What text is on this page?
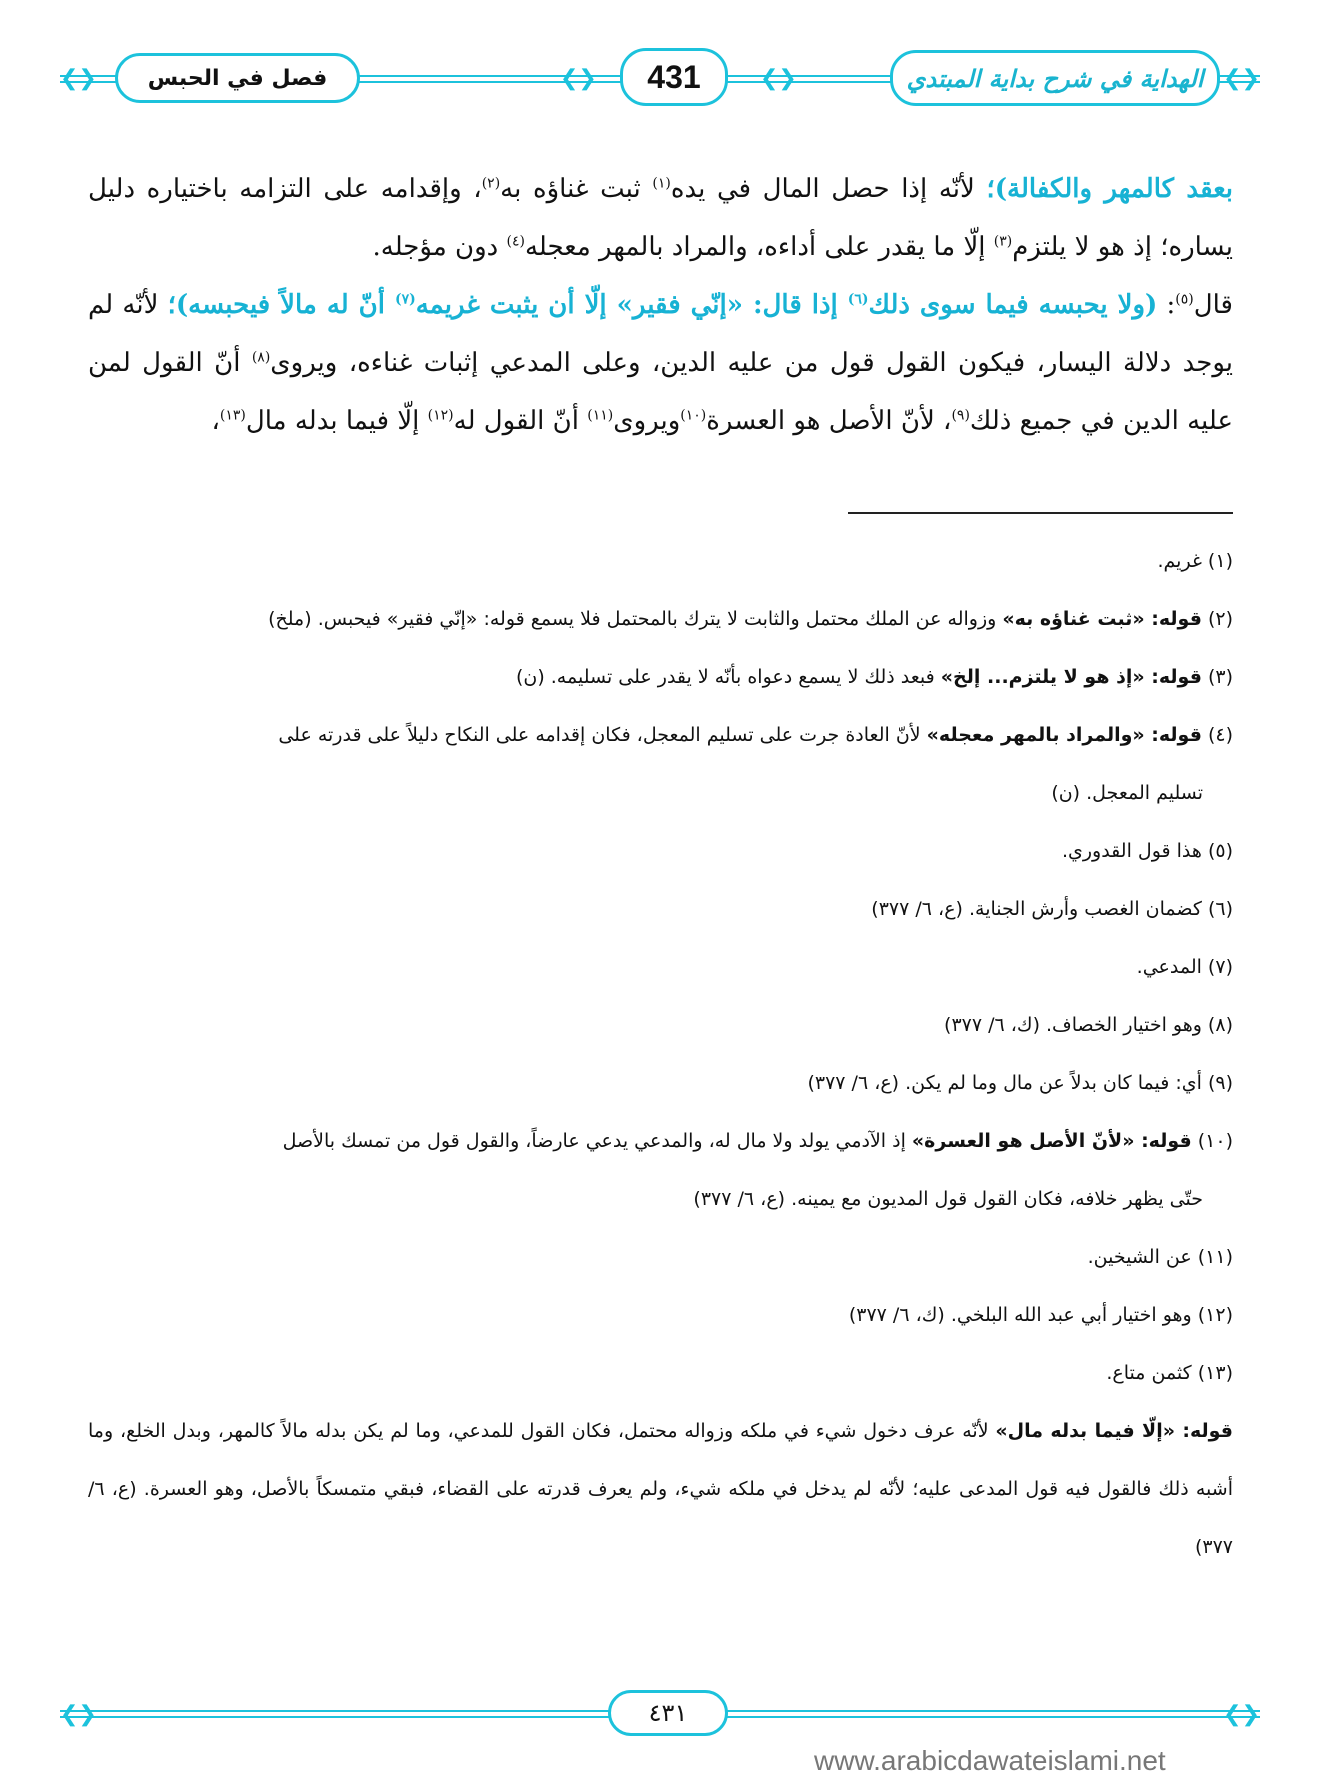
❮❯	❮❯	❮❯	❮❯
فصل في الحبس	431	الهداية في شرح بداية المبتدي

بعقد كالمهر والكفالة)؛ لأنّه إذا حصل المال في يده$^{(١)}$ ثبت غناؤه به$^{(٢)}$، وإقدامه على التزامه باختياره دليل يساره؛ إذ هو لا يلتزم$^{(٣)}$ إلّا ما يقدر على أداءه، والمراد بالمهر معجله$^{(٤)}$ دون مؤجله.

قال$^{(٥)}$: (ولا يحبسه فيما سوى ذلك$^{(٦)}$ إذا قال: «إنّي فقير» إلّا أن يثبت غريمه$^{(٧)}$ أنّ له مالاً فيحبسه)؛ لأنّه لم يوجد دلالة اليسار، فيكون القول قول من عليه الدين، وعلى المدعي إثبات غناءه، ويروى$^{(٨)}$ أنّ القول لمن عليه الدين في جميع ذلك$^{(٩)}$، لأنّ الأصل هو العسرة$^{(١٠)}$ويروى$^{(١١)}$ أنّ القول له$^{(١٢)}$ إلّا فيما بدله مال$^{(١٣)}$،

(١) غريم.
(٢) قوله: «ثبت غناؤه به» وزواله عن الملك محتمل والثابت لا يترك بالمحتمل فلا يسمع قوله: «إنّي فقير» فيحبس. (ملخ)
(٣) قوله: «إذ هو لا يلتزم... إلخ» فبعد ذلك لا يسمع دعواه بأنّه لا يقدر على تسليمه. (ن)
(٤) قوله: «والمراد بالمهر معجله» لأنّ العادة جرت على تسليم المعجل، فكان إقدامه على النكاح دليلاً على قدرته على
تسليم المعجل. (ن)
(٥) هذا قول القدوري.
(٦) كضمان الغصب وأرش الجناية. (ع، ٦/ ٣٧٧)
(٧) المدعي.
(٨) وهو اختيار الخصاف. (ك، ٦/ ٣٧٧)
(٩) أي: فيما كان بدلاً عن مال وما لم يكن. (ع، ٦/ ٣٧٧)
(١٠) قوله: «لأنّ الأصل هو العسرة» إذ الآدمي يولد ولا مال له، والمدعي يدعي عارضاً، والقول قول من تمسك بالأصل
حتّى يظهر خلافه، فكان القول قول المديون مع يمينه. (ع، ٦/ ٣٧٧)
(١١) عن الشيخين.
(١٢) وهو اختيار أبي عبد الله البلخي. (ك، ٦/ ٣٧٧)
(١٣) كثمن متاع.
قوله: «إلّا فيما بدله مال» لأنّه عرف دخول شيء في ملكه وزواله محتمل، فكان القول للمدعي، وما لم يكن بدله مالاً كالمهر، وبدل الخلع، وما أشبه ذلك فالقول فيه قول المدعى عليه؛ لأنّه لم يدخل في ملكه شيء، ولم يعرف قدرته على القضاء، فبقي متمسكاً بالأصل، وهو العسرة. (ع، ٦/ ٣٧٧)
❮❯	❮❯
٤٣١
www.arabicdawateislami.net
